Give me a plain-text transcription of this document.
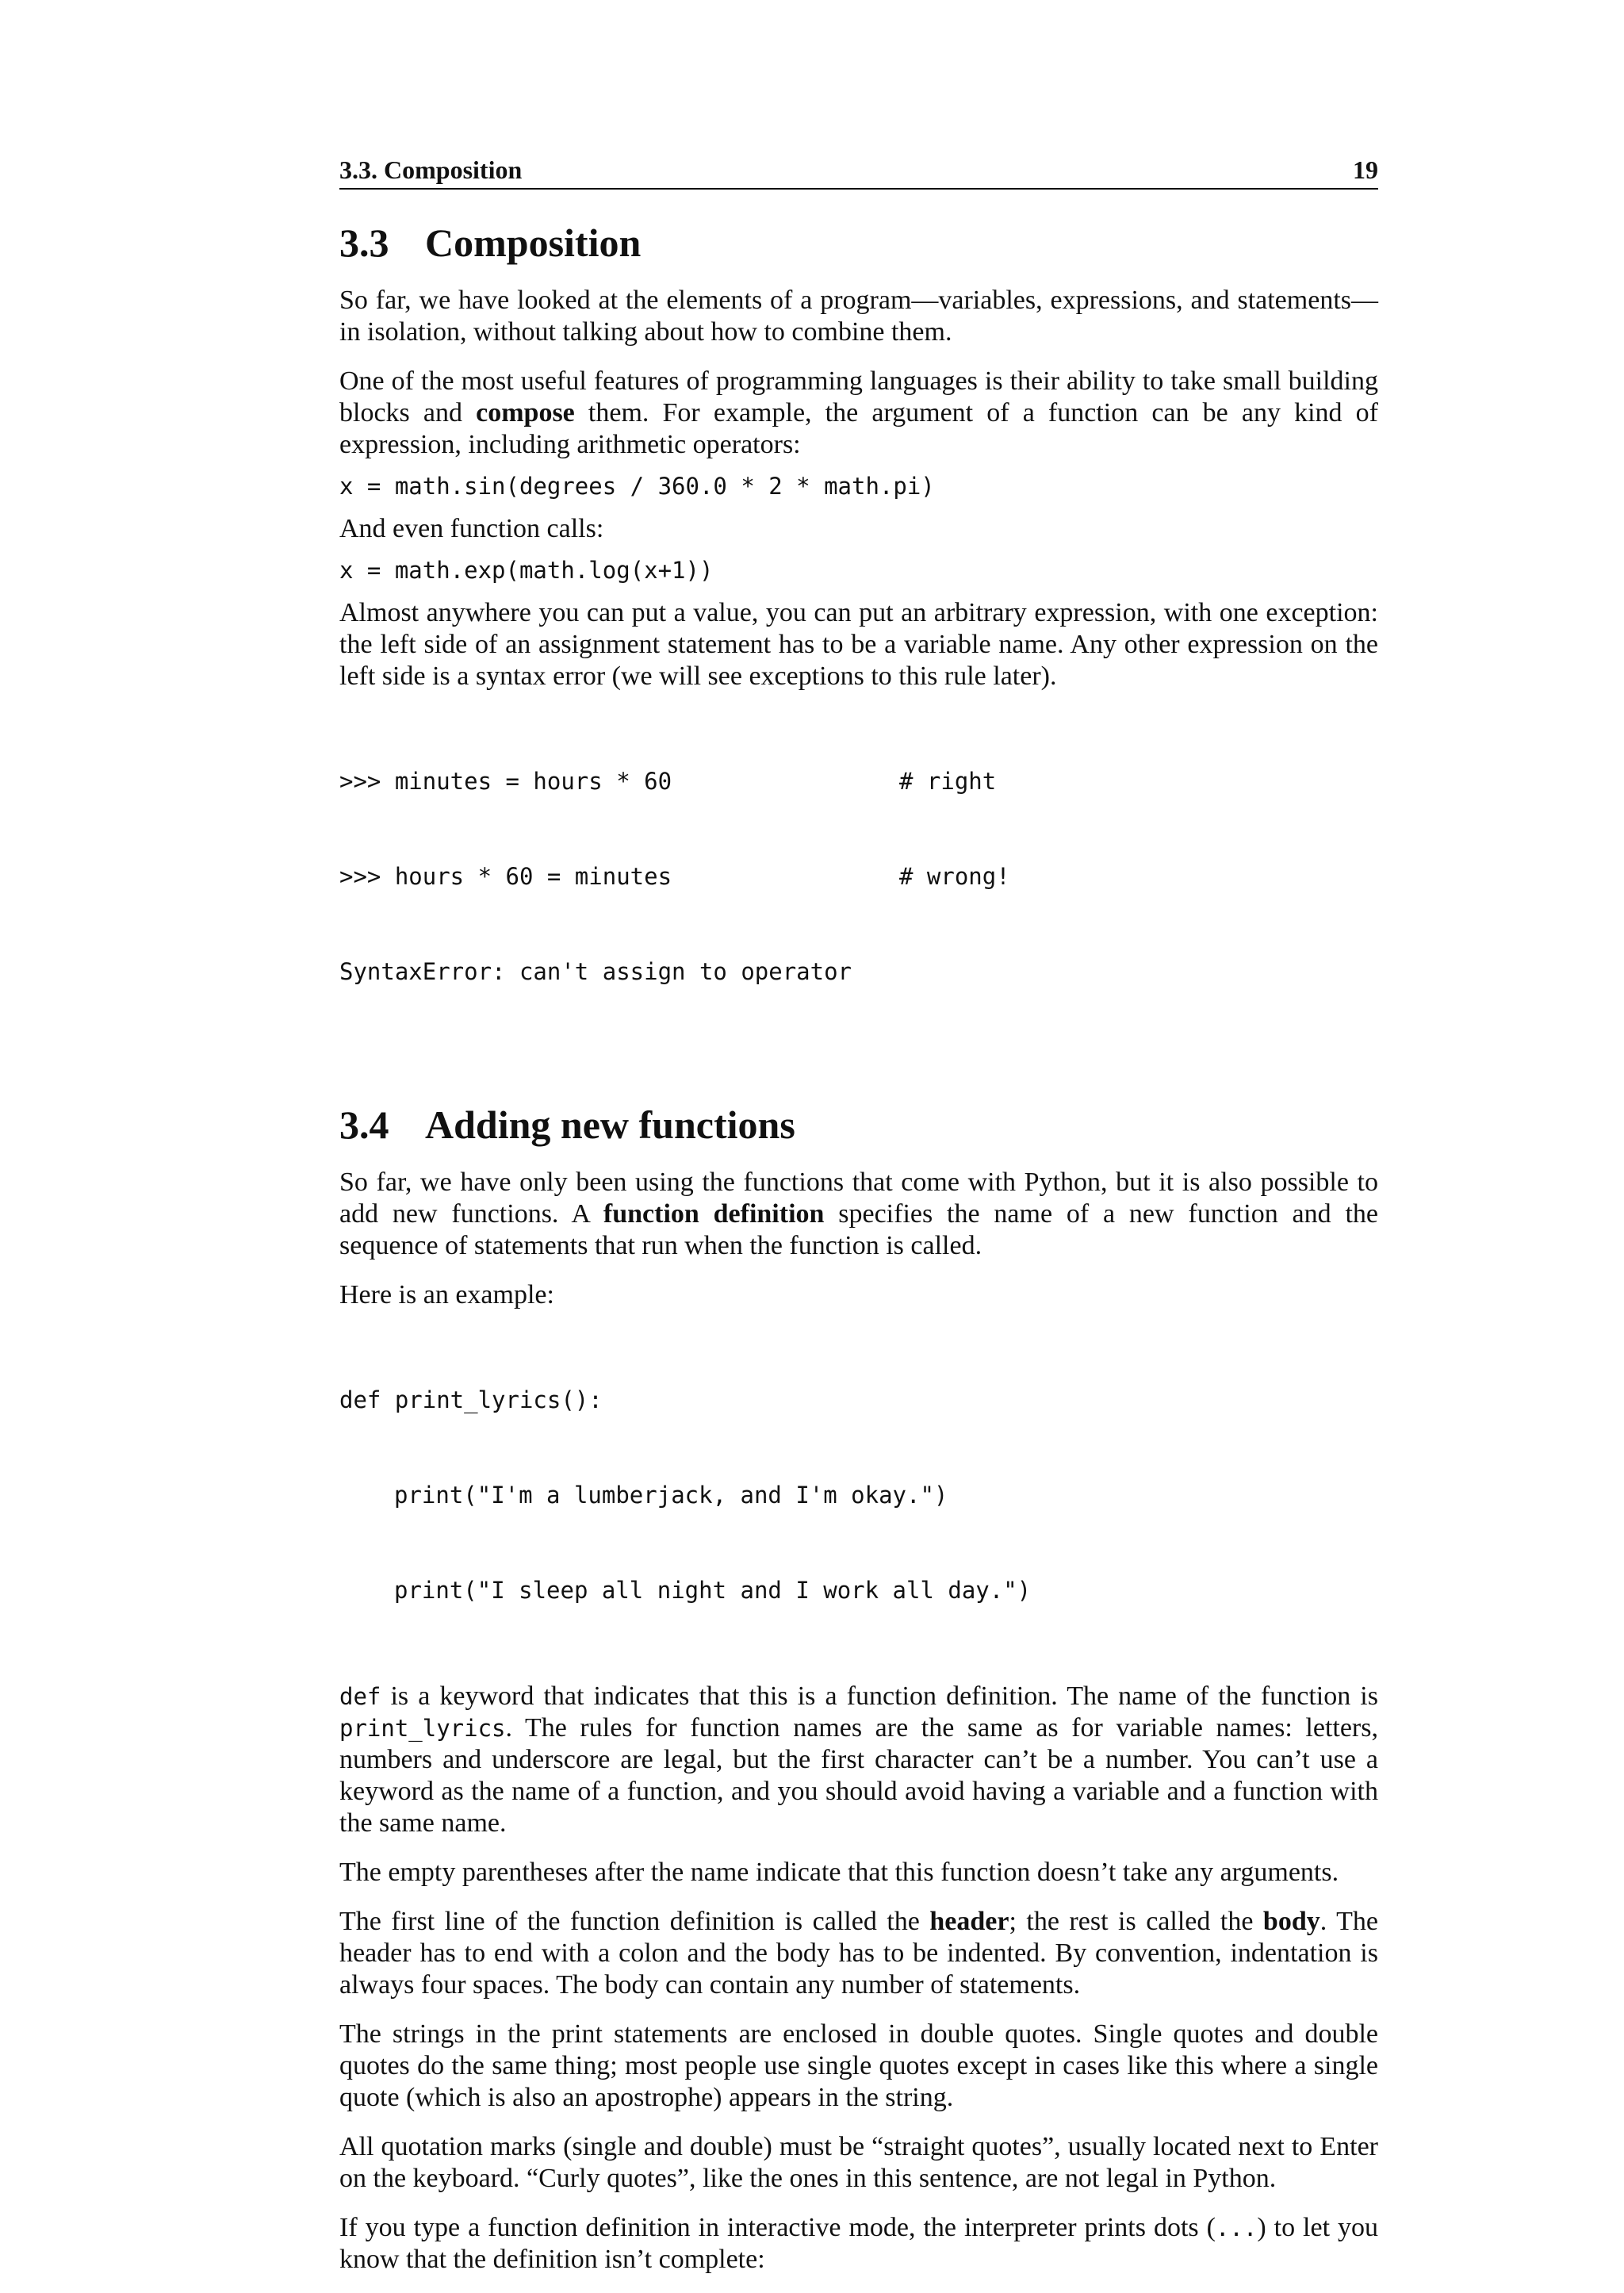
3.3. Composition	19
3.3 Composition

So far, we have looked at the elements of a program—variables, expressions, and statements—in isolation, without talking about how to combine them.

One of the most useful features of programming languages is their ability to take small building blocks and compose them. For example, the argument of a function can be any kind of expression, including arithmetic operators:

x = math.sin(degrees / 360.0 * 2 * math.pi)

And even function calls:

x = math.exp(math.log(x+1))

Almost anywhere you can put a value, you can put an arbitrary expression, with one exception: the left side of an assignment statement has to be a variable name. Any other expression on the left side is a syntax error (we will see exceptions to this rule later).

>>> minutes = hours * 60	# right

>>> hours * 60 = minutes	# wrong!

SyntaxError: can't assign to operator

3.4 Adding new functions

So far, we have only been using the functions that come with Python, but it is also possible to add new functions. A function definition specifies the name of a new function and the sequence of statements that run when the function is called.

Here is an example:

def print_lyrics():

print("I'm a lumberjack, and I'm okay.")

print("I sleep all night and I work all day.")

def is a keyword that indicates that this is a function definition. The name of the function is print_lyrics. The rules for function names are the same as for variable names: letters, numbers and underscore are legal, but the first character can’t be a number. You can’t use a keyword as the name of a function, and you should avoid having a variable and a function with the same name.

The empty parentheses after the name indicate that this function doesn’t take any arguments.

The first line of the function definition is called the header; the rest is called the body. The header has to end with a colon and the body has to be indented. By convention, indentation is always four spaces. The body can contain any number of statements.

The strings in the print statements are enclosed in double quotes. Single quotes and double quotes do the same thing; most people use single quotes except in cases like this where a single quote (which is also an apostrophe) appears in the string.

All quotation marks (single and double) must be “straight quotes”, usually located next to Enter on the keyboard. “Curly quotes”, like the ones in this sentence, are not legal in Python.

If you type a function definition in interactive mode, the interpreter prints dots (...) to let you know that the definition isn’t complete:
